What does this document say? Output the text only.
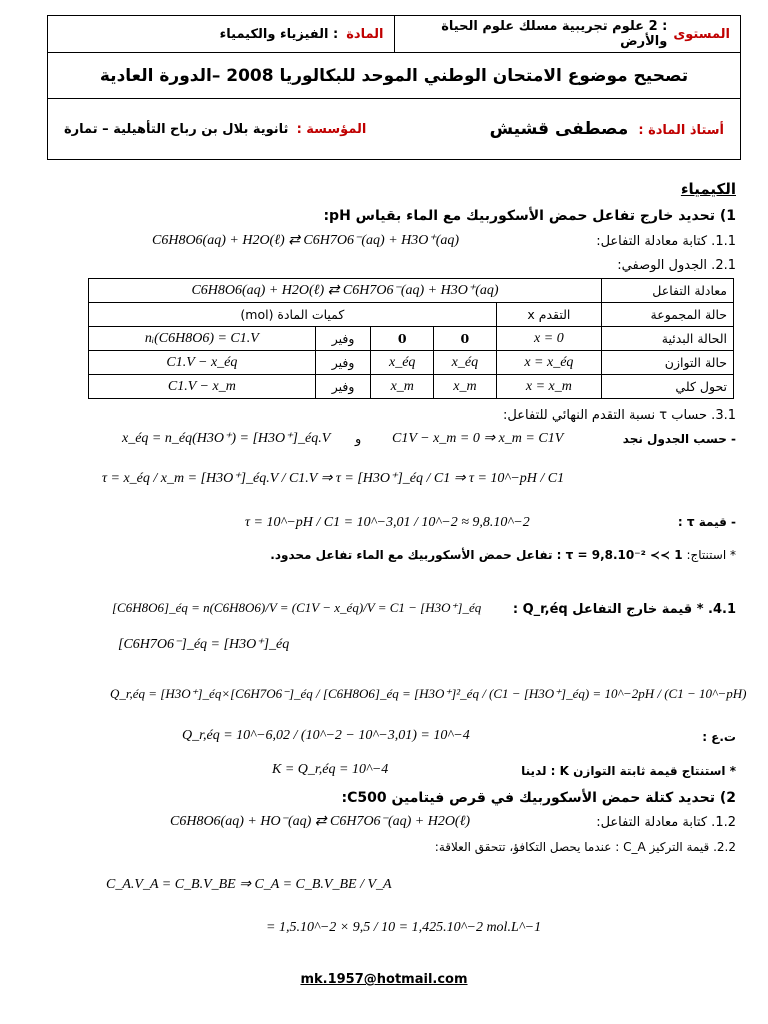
المستوى
: 2 علوم تجريبية مسلك علوم الحياة والأرض
المادة
: الفيزياء والكيمياء
تصحيح موضوع الامتحان الوطني الموحد للبكالوريا 2008 –الدورة العادية
أستاذ المادة : مصطفى قشيش
المؤسسة : ثانوية بلال بن رباح التأهيلية – تمارة
الكيمياء
1) تحديد خارج تفاعل حمض الأسكوربيك مع الماء بقياس pH:
1.1. كتابة معادلة التفاعل:
C6H8O6(aq) + H2O(ℓ) ⇄ C6H7O6⁻(aq) + H3O⁺(aq)
2.1. الجدول الوصفي:
C6H8O6(aq) + H2O(ℓ) ⇄ C6H7O6⁻(aq) + H3O⁺(aq)					معادلة التفاعل
كميات المادة (mol)				التقدم x	حالة المجموعة
nᵢ(C6H8O6) = C1.V	وفير	0	0	x = 0	الحالة البدئية
C1.V − x_éq	وفير	x_éq	x_éq	x = x_éq	حالة التوازن
C1.V − x_m	وفير	x_m	x_m	x = x_m	تحول كلي
3.1. حساب τ نسبة التقدم النهائي للتفاعل:
x_éq = n_éq(H3O⁺) = [H3O⁺]_éq.V و C1V − x_m = 0 ⇒ x_m = C1V	- حسب الجدول نجد
τ = x_éq / x_m = [H3O⁺]_éq.V / C1.V ⇒ τ = [H3O⁺]_éq / C1 ⇒ τ = 10^−pH / C1
τ = 10^−pH / C1 = 10^−3,01 / 10^−2 ≈ 9,8.10^−2	- قيمة τ :
* استنتاج: τ = 9,8.10⁻² ≺≺ 1 : تفاعل حمض الأسكوربيك مع الماء تفاعل محدود.
4.1. * قيمة خارج التفاعل Q_r,éq :
[C6H8O6]_éq = n(C6H8O6)/V = (C1V − x_éq)/V = C1 − [H3O⁺]_éq
[C6H7O6⁻]_éq = [H3O⁺]_éq
Q_r,éq = [H3O⁺]_éq×[C6H7O6⁻]_éq / [C6H8O6]_éq = [H3O⁺]²_éq / (C1 − [H3O⁺]_éq) = 10^−2pH / (C1 − 10^−pH)
ت.ع :
Q_r,éq = 10^−6,02 / (10^−2 − 10^−3,01) = 10^−4
* استنتاج قيمة ثابتة التوازن K : لدينا
K = Q_r,éq = 10^−4
2) تحديد كتلة حمض الأسكوربيك في قرص فيتامين C500:
1.2. كتابة معادلة التفاعل:
C6H8O6(aq) + HO⁻(aq) ⇄ C6H7O6⁻(aq) + H2O(ℓ)
2.2. قيمة التركيز C_A : عندما يحصل التكافؤ، تتحقق العلاقة:
C_A.V_A = C_B.V_BE ⇒ C_A = C_B.V_BE / V_A
= 1,5.10^−2 × 9,5 / 10 = 1,425.10^−2 mol.L^−1
mk.1957@hotmail.com
